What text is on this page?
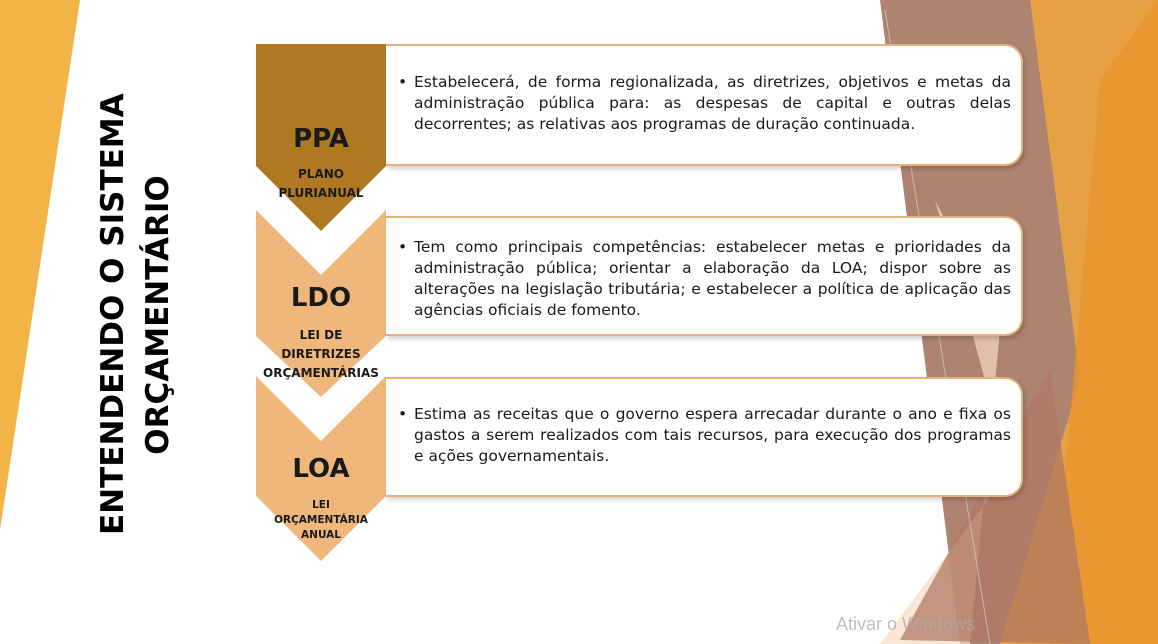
ENTENDENDO O SISTEMA ORÇAMENTÁRIO
PPA
PLANO PLURIANUAL
• Estabelecerá, de forma regionalizada, as diretrizes, objetivos e metas da administração pública para: as despesas de capital e outras delas decorrentes; as relativas aos programas de duração continuada.
LDO
LEI DE DIRETRIZES ORÇAMENTÁRIAS
• Tem como principais competências: estabelecer metas e prioridades da administração pública; orientar a elaboração da LOA; dispor sobre as alterações na legislação tributária; e estabelecer a política de aplicação das agências oficiais de fomento.
LOA
LEI ORÇAMENTÁRIA ANUAL
• Estima as receitas que o governo espera arrecadar durante o ano e fixa os gastos a serem realizados com tais recursos, para execução dos programas e ações governamentais.
Ativar o Windows
